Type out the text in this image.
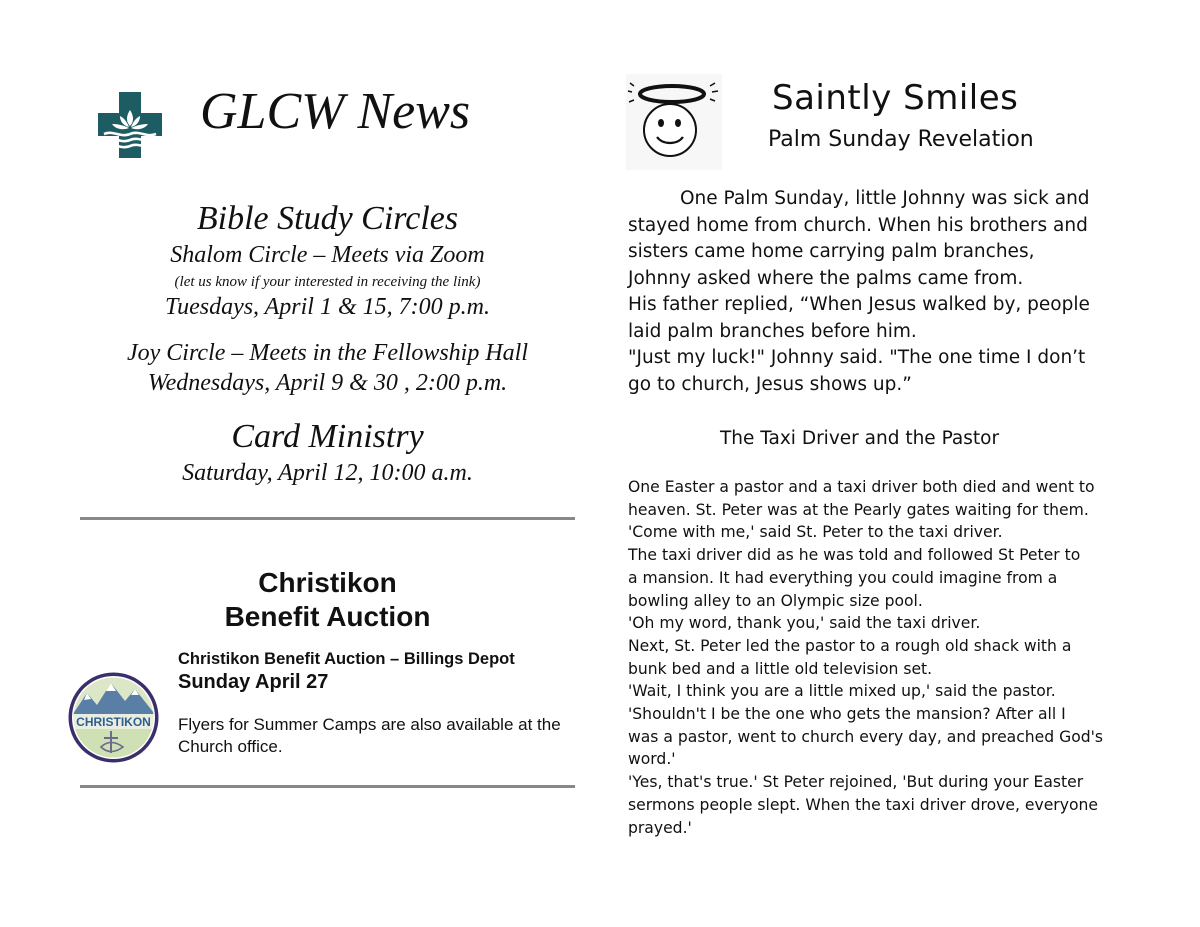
GLCW News
Bible Study Circles
Shalom Circle – Meets via Zoom
(let us know if your interested in receiving the link)
Tuesdays, April 1 & 15, 7:00 p.m.
Joy Circle – Meets in the Fellowship Hall
Wednesdays, April 9 & 30 , 2:00 p.m.
Card Ministry
Saturday, April 12, 10:00 a.m.
Christikon
Benefit Auction
CHRISTIKON
Christikon Benefit Auction – Billings Depot
Sunday April 27
Flyers for Summer Camps are also available at the Church office.
Saintly Smiles
Palm Sunday Revelation

One Palm Sunday, little Johnny was sick and

stayed home from church. When his brothers and

sisters came home carrying palm branches,

Johnny asked where the palms came from.

His father replied, “When Jesus walked by, people

laid palm branches before him.

"Just my luck!" Johnny said. "The one time I don’t

go to church, Jesus shows up.”

The Taxi Driver and the Pastor

One Easter a pastor and a taxi driver both died and went to

heaven. St. Peter was at the Pearly gates waiting for them.

'Come with me,' said St. Peter to the taxi driver.

The taxi driver did as he was told and followed St Peter to

a mansion. It had everything you could imagine from a

bowling alley to an Olympic size pool.

'Oh my word, thank you,' said the taxi driver.

Next, St. Peter led the pastor to a rough old shack with a

bunk bed and a little old television set.

'Wait, I think you are a little mixed up,' said the pastor.

'Shouldn't I be the one who gets the mansion? After all I

was a pastor, went to church every day, and preached God's

word.'

'Yes, that's true.' St Peter rejoined, 'But during your Easter

sermons people slept. When the taxi driver drove, everyone

prayed.'
